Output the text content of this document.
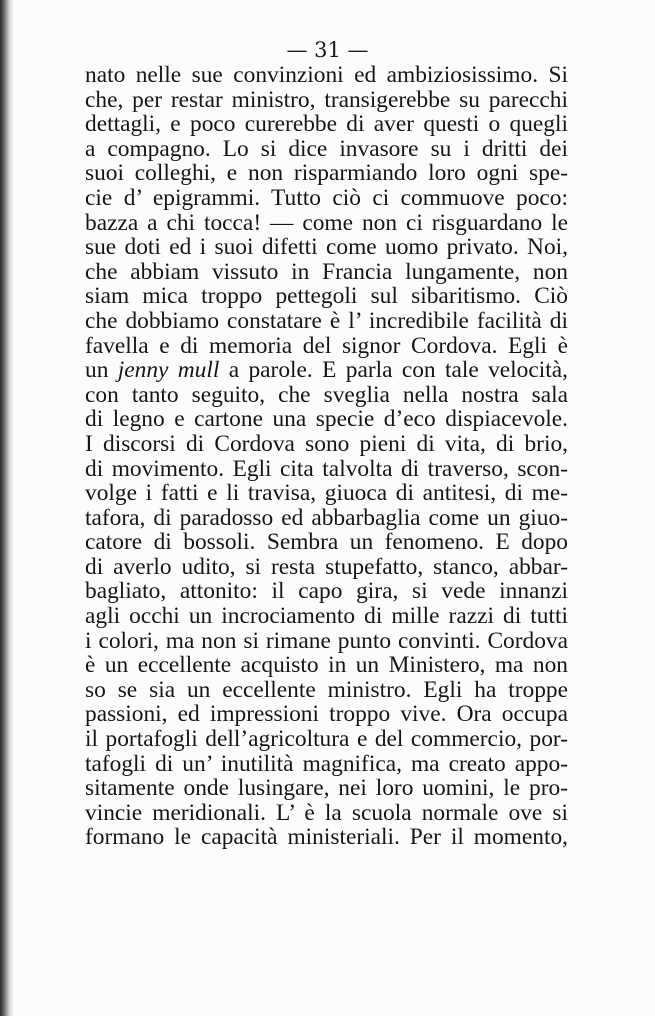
— 31 —
nato nelle sue convinzioni ed ambiziosissimo. Si
che, per restar ministro, transigerebbe su parecchi
dettagli, e poco curerebbe di aver questi o quegli
a compagno. Lo si dice invasore su i dritti dei
suoi colleghi, e non risparmiando loro ogni spe-
cie d’ epigrammi. Tutto ciò ci commuove poco:
bazza a chi tocca! — come non ci risguardano le
sue doti ed i suoi difetti come uomo privato. Noi,
che abbiam vissuto in Francia lungamente, non
siam mica troppo pettegoli sul sibaritismo. Ciò
che dobbiamo constatare è l’ incredibile facilità di
favella e di memoria del signor Cordova. Egli è
un jenny mull a parole. E parla con tale velocità,
con tanto seguito, che sveglia nella nostra sala
di legno e cartone una specie d’eco dispiacevole.
I discorsi di Cordova sono pieni di vita, di brio,
di movimento. Egli cita talvolta di traverso, scon-
volge i fatti e li travisa, giuoca di antitesi, di me-
tafora, di paradosso ed abbarbaglia come un giuo-
catore di bossoli. Sembra un fenomeno. E dopo
di averlo udito, si resta stupefatto, stanco, abbar-
bagliato, attonito: il capo gira, si vede innanzi
agli occhi un incrociamento di mille razzi di tutti
i colori, ma non si rimane punto convinti. Cordova
è un eccellente acquisto in un Ministero, ma non
so se sia un eccellente ministro. Egli ha troppe
passioni, ed impressioni troppo vive. Ora occupa
il portafogli dell’agricoltura e del commercio, por-
tafogli di un’ inutilità magnifica, ma creato appo-
sitamente onde lusingare, nei loro uomini, le pro-
vincie meridionali. L’ è la scuola normale ove si
formano le capacità ministeriali. Per il momento,
